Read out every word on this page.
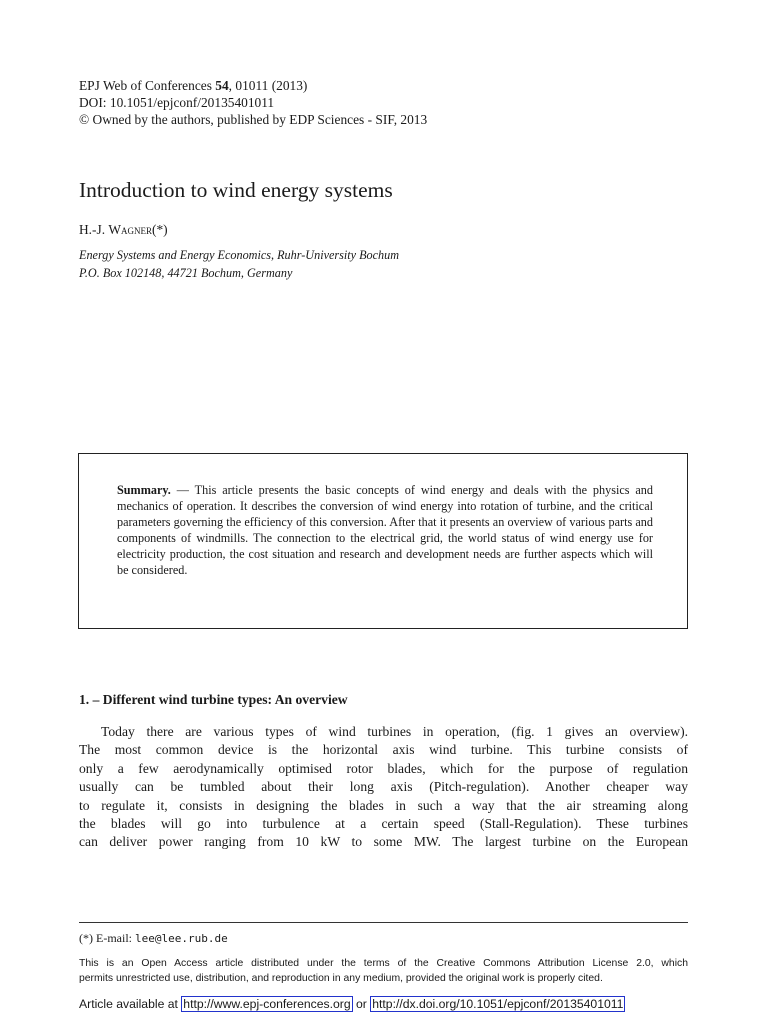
EPJ Web of Conferences 54, 01011 (2013)
DOI: 10.1051/epjconf/20135401011
© Owned by the authors, published by EDP Sciences - SIF, 2013
Introduction to wind energy systems
H.-J. Wagner(*)
Energy Systems and Energy Economics, Ruhr-University Bochum
P.O. Box 102148, 44721 Bochum, Germany
Summary. — This article presents the basic concepts of wind energy and deals with the physics and mechanics of operation. It describes the conversion of wind energy into rotation of turbine, and the critical parameters governing the efficiency of this conversion. After that it presents an overview of various parts and components of windmills. The connection to the electrical grid, the world status of wind energy use for electricity production, the cost situation and research and development needs are further aspects which will be considered.
1. – Different wind turbine types: An overview
Today there are various types of wind turbines in operation, (fig. 1 gives an overview).
The most common device is the horizontal axis wind turbine. This turbine consists of
only a few aerodynamically optimised rotor blades, which for the purpose of regulation
usually can be tumbled about their long axis (Pitch-regulation). Another cheaper way
to regulate it, consists in designing the blades in such a way that the air streaming along
the blades will go into turbulence at a certain speed (Stall-Regulation). These turbines
can deliver power ranging from 10 kW to some MW. The largest turbine on the European
(*) E-mail: lee@lee.rub.de
This is an Open Access article distributed under the terms of the Creative Commons Attribution License 2.0, which
permits unrestricted use, distribution, and reproduction in any medium, provided the original work is properly cited.
Article available at http://www.epj-conferences.org or http://dx.doi.org/10.1051/epjconf/20135401011
